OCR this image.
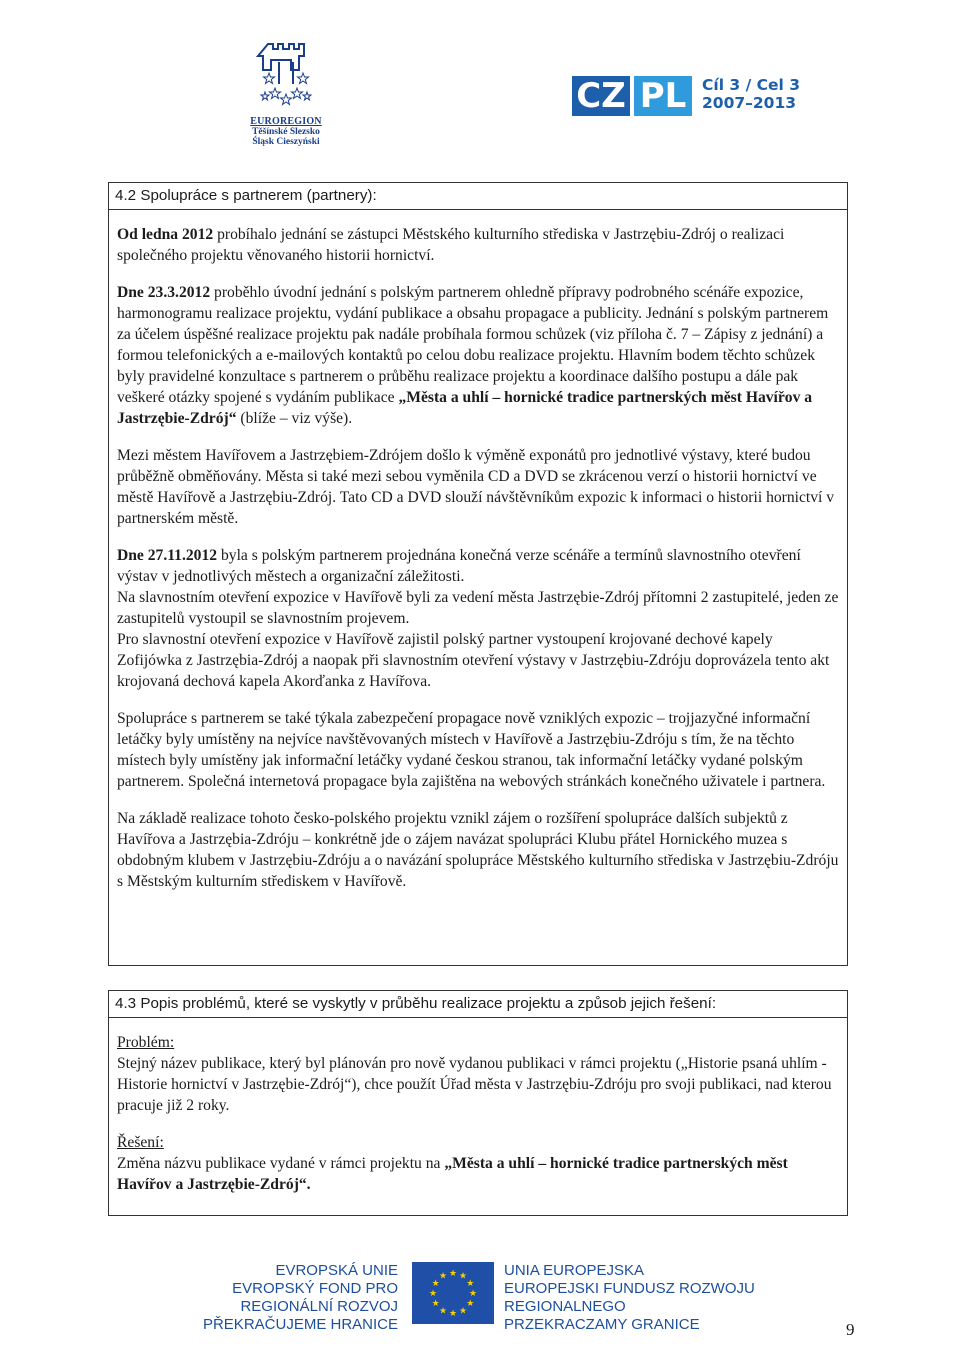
EUROREGION
Těšínské Slezsko
Śląsk Cieszyński
CZ PL Cíl 3 / Cel 3
2007–2013
4.2 Spolupráce s partnerem (partnery):

Od ledna 2012 probíhalo jednání se zástupci Městského kulturního střediska v Jastrzębiu-Zdrój o realizaci společného projektu věnovaného historii hornictví.

Dne 23.3.2012 proběhlo úvodní jednání s polským partnerem ohledně přípravy podrobného scénáře expozice, harmonogramu realizace projektu, vydání publikace a obsahu propagace a publicity. Jednání s polským partnerem za účelem úspěšné realizace projektu pak nadále probíhala formou schůzek (viz příloha č. 7 – Zápisy z jednání) a formou telefonických a e-mailových kontaktů po celou dobu realizace projektu. Hlavním bodem těchto schůzek byly pravidelné konzultace s partnerem o průběhu realizace projektu a koordinace dalšího postupu a dále pak veškeré otázky spojené s vydáním publikace „Města a uhlí – hornické tradice partnerských měst Havířov a Jastrzębie-Zdrój“ (blíže – viz výše).

Mezi městem Havířovem a Jastrzębiem-Zdrójem došlo k výměně exponátů pro jednotlivé výstavy, které budou průběžně obměňovány. Města si také mezi sebou vyměnila CD a DVD se zkrácenou verzí o historii hornictví ve městě Havířově a Jastrzębiu-Zdrój. Tato CD a DVD slouží návštěvníkům expozic k informaci o historii hornictví v partnerském městě.

Dne 27.11.2012 byla s polským partnerem projednána konečná verze scénáře a termínů slavnostního otevření výstav v jednotlivých městech a organizační záležitosti.

Na slavnostním otevření expozice v Havířově byli za vedení města Jastrzębie-Zdrój přítomni 2 zastupitelé, jeden ze zastupitelů vystoupil se slavnostním projevem.

Pro slavnostní otevření expozice v Havířově zajistil polský partner vystoupení krojované dechové kapely Zofijówka z Jastrzębia-Zdrój a naopak při slavnostním otevření výstavy v Jastrzębiu-Zdróju doprovázela tento akt krojovaná dechová kapela Akorďanka z Havířova.

Spolupráce s partnerem se také týkala zabezpečení propagace nově vzniklých expozic – trojjazyčné informační letáčky byly umístěny na nejvíce navštěvovaných místech v Havířově a Jastrzębiu-Zdróju s tím, že na těchto místech byly umístěny jak informační letáčky vydané českou stranou, tak informační letáčky vydané polským partnerem. Společná internetová propagace byla zajištěna na webových stránkách konečného uživatele i partnera.

Na základě realizace tohoto česko-polského projektu vznikl zájem o rozšíření spolupráce dalších subjektů z Havířova a Jastrzębia-Zdróju – konkrétně jde o zájem navázat spolupráci Klubu přátel Hornického muzea s obdobným klubem v Jastrzębiu-Zdróju a o navázání spolupráce Městského kulturního střediska v Jastrzębiu-Zdróju s Městským kulturním střediskem v Havířově.

4.3 Popis problémů, které se vyskytly v průběhu realizace projektu a způsob jejich řešení:

Problém:
Stejný název publikace, který byl plánován pro nově vydanou publikaci v rámci projektu („Historie psaná uhlím - Historie hornictví v Jastrzębie-Zdrój“), chce použít Úřad města v Jastrzębiu-Zdróju pro svoji publikaci, nad kterou pracuje již 2 roky.

Řešení:
Změna názvu publikace vydané v rámci projektu na „Města a uhlí – hornické tradice partnerských měst Havířov a Jastrzębie-Zdrój“.

EVROPSKÁ UNIE
EVROPSKÝ FOND PRO REGIONÁLNÍ ROZVOJ
PŘEKRAČUJEME HRANICE
★ ★
★
★
★
★
★
★
★
★
★
★	UNIA EUROPEJSKA
EUROPEJSKI FUNDUSZ ROZWOJU REGIONALNEGO
PRZEKRACZAMY GRANICE	9
